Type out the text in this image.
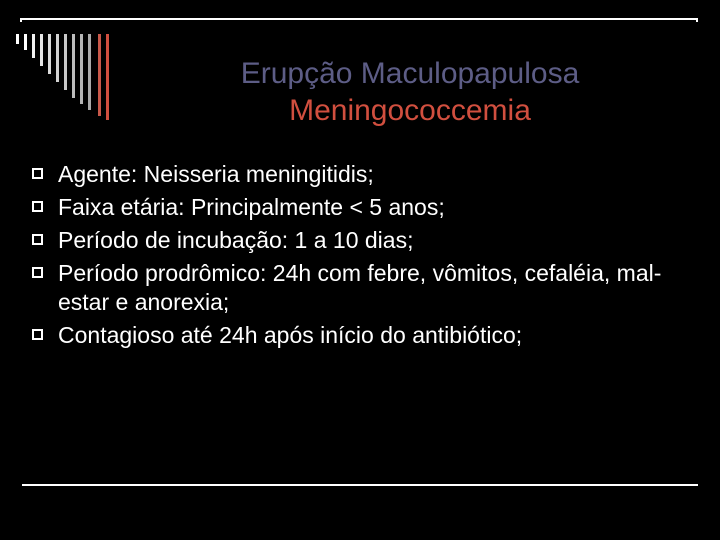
Erupção Maculopapulosa
Meningococcemia
Agente: Neisseria meningitidis;
Faixa etária: Principalmente < 5 anos;
Período de incubação: 1 a 10 dias;
Período prodrômico: 24h com febre, vômitos, cefaléia, mal-estar e anorexia;
Contagioso até 24h após início do antibiótico;
